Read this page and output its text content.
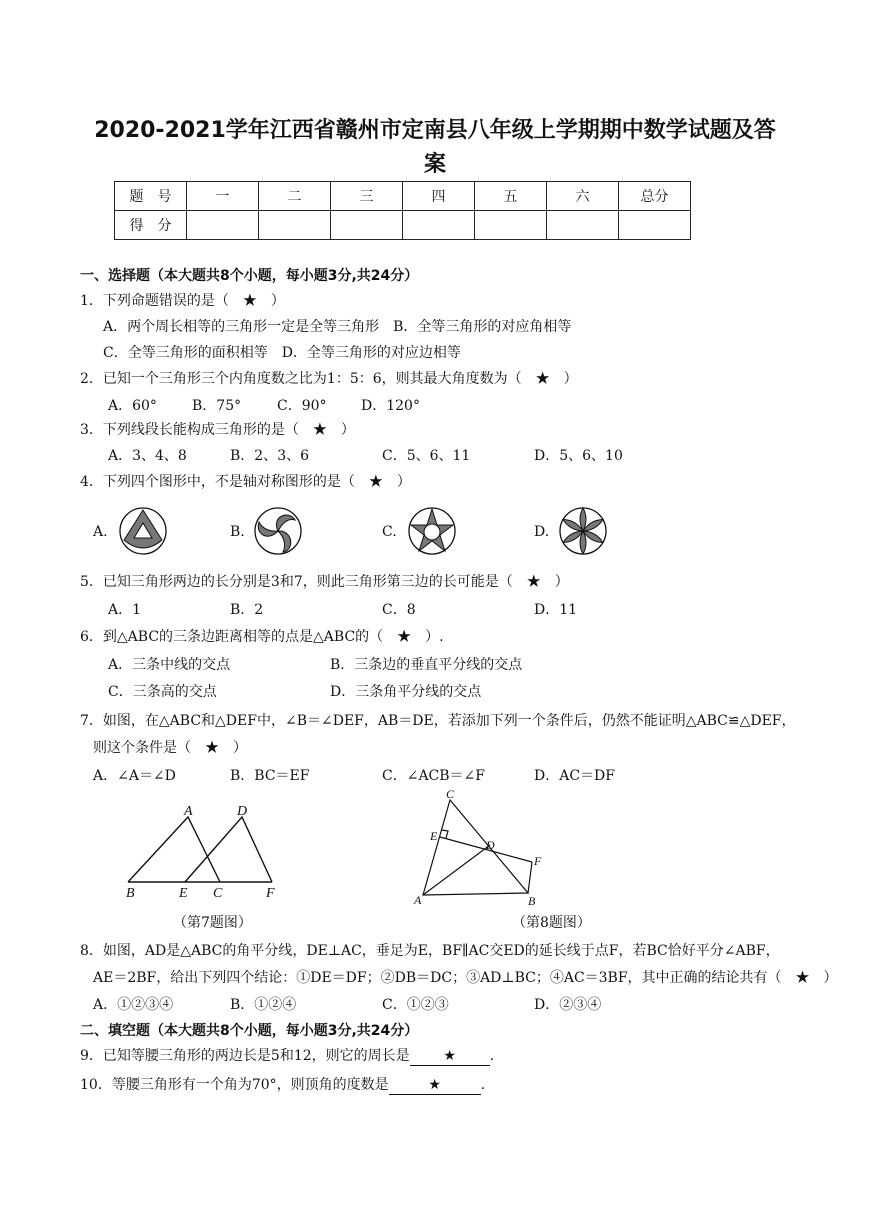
2020-2021学年江西省赣州市定南县八年级上学期期中数学试题及答
案
题　号	一	二	三	四	五	六	总分
得　分							
一、选择题（本大题共8个小题，每小题3分,共24分）
1．下列命题错误的是（　★　）
A．两个周长相等的三角形一定是全等三角形　B．全等三角形的对应角相等
C．全等三角形的面积相等　D．全等三角形的对应边相等
2．已知一个三角形三个内角度数之比为1：5：6，则其最大角度数为（　★　）
A．60°	B．75°	C．90° D．120°
3．下列线段长能构成三角形的是（　★　）
A．3、4、8	B．2、3、6	C．5、6、11	D．5、6、10
4．下列四个图形中，不是轴对称图形的是（　★　）
A.	B.	C.	D.
5．已知三角形两边的长分别是3和7，则此三角形第三边的长可能是（　★　）
A．1	B．2	C．8	D．11
6．到△ABC的三条边距离相等的点是△ABC的（　★　）.
A．三条中线的交点	B．三条边的垂直平分线的交点
C．三条高的交点	D．三条角平分线的交点
7．如图，在△ABC和△DEF中，∠B＝∠DEF，AB＝DE，若添加下列一个条件后，仍然不能证明△ABC≌△DEF，
则这个条件是（　★　）
A．∠A＝∠D	B．BC＝EF	C．∠ACB＝∠F	D．AC＝DF
A	D
B	E C	F
（第7题图）
C
E
D
F
A	B
（第8题图）
8．如图，AD是△ABC的角平分线，DE⊥AC，垂足为E，BF∥AC交ED的延长线于点F，若BC恰好平分∠ABF，
AE＝2BF，给出下列四个结论：①DE＝DF；②DB＝DC；③AD⊥BC；④AC＝3BF，其中正确的结论共有（　★　）
A．①②③④	B．①②④	C．①②③	D．②③④
二、填空题（本大题共8个小题，每小题3分,共24分）
9．已知等腰三角形的两边长是5和12，则它的周长是 ★ .
10．等腰三角形有一个角为70°，则顶角的度数是	★	.
